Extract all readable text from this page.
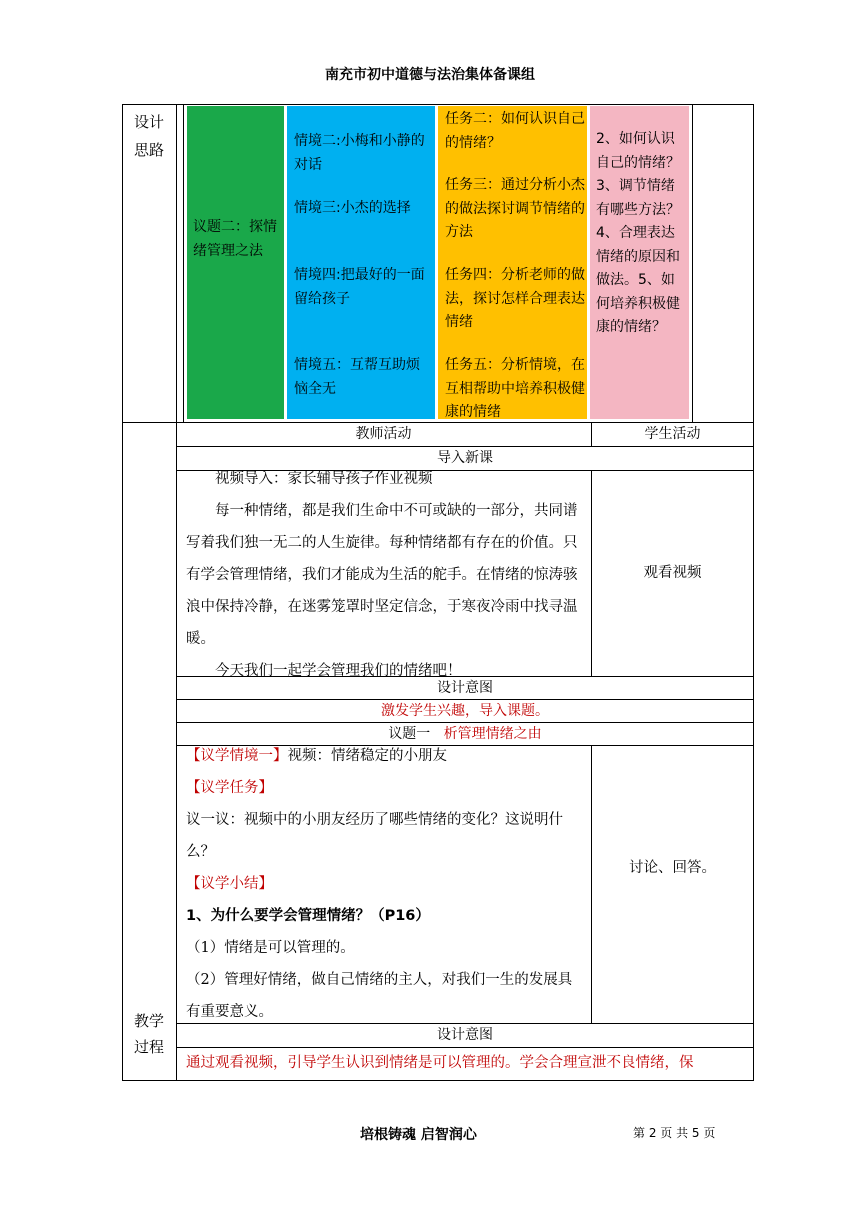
南充市初中道德与法治集体备课组
设计
思路
议题二：探情绪管理之法
情境二:小梅和小静的对话
情境三:小杰的选择
情境四:把最好的一面留给孩子
情境五：互帮互助烦恼全无
任务二：如何认识自己的情绪？
任务三：通过分析小杰的做法探讨调节情绪的方法
任务四：分析老师的做法，探讨怎样合理表达情绪
任务五：分析情境，在互相帮助中培养积极健康的情绪
2、如何认识自己的情绪？3、调节情绪有哪些方法？4、合理表达情绪的原因和做法。5、如何培养积极健康的情绪？
教学
过程
教师活动	学生活动
导入新课
视频导入：家长辅导孩子作业视频
每一种情绪，都是我们生命中不可或缺的一部分，共同谱写着我们独一无二的人生旋律。每种情绪都有存在的价值。只有学会管理情绪，我们才能成为生活的舵手。在情绪的惊涛骇浪中保持冷静，在迷雾笼罩时坚定信念，于寒夜冷雨中找寻温暖。
今天我们一起学会管理我们的情绪吧！
观看视频
设计意图
激发学生兴趣，导入课题。
议题一 析管理情绪之由
【议学情境一】视频：情绪稳定的小朋友
【议学任务】
议一议：视频中的小朋友经历了哪些情绪的变化？这说明什么？
【议学小结】
1、为什么要学会管理情绪？（P16）
（1）情绪是可以管理的。
（2）管理好情绪，做自己情绪的主人，对我们一生的发展具有重要意义。
讨论、回答。
设计意图
通过观看视频，引导学生认识到情绪是可以管理的。学会合理宣泄不良情绪，保
培根铸魂 启智润心	第 2 页 共 5 页
